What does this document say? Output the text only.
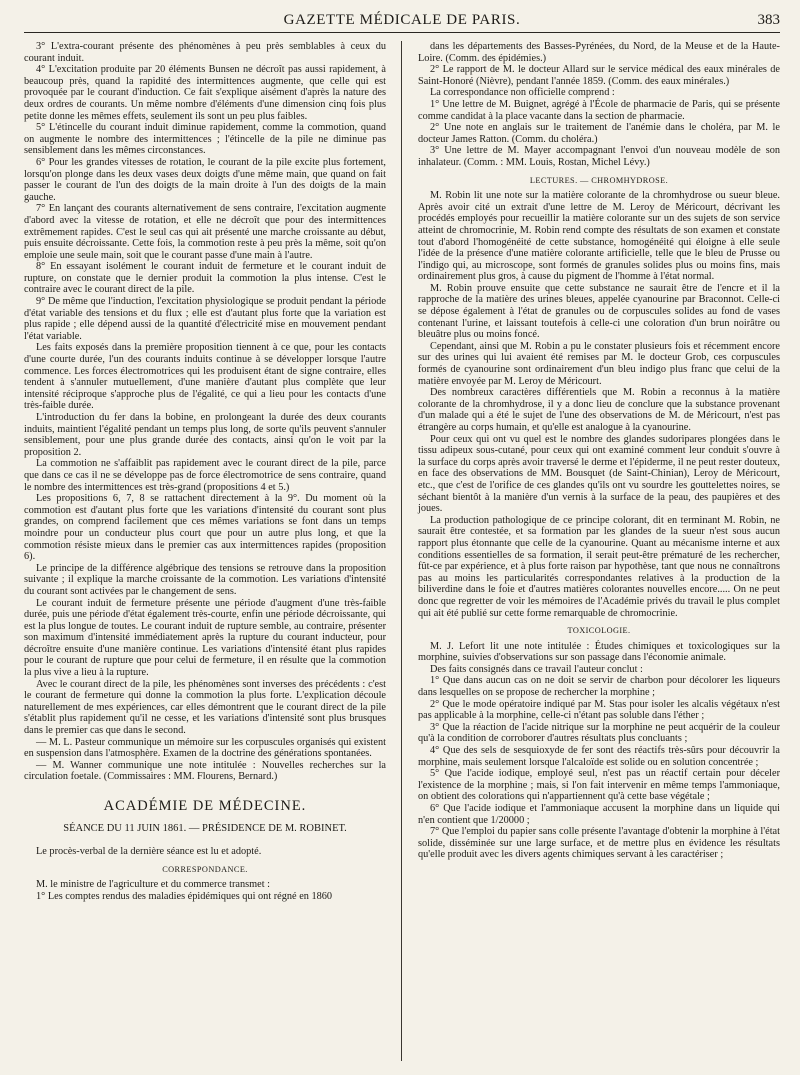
GAZETTE MÉDICALE DE PARIS.	383

3° L'extra-courant présente des phénomènes à peu près semblables à ceux du courant induit.

4° L'excitation produite par 20 éléments Bunsen ne décroît pas aussi rapidement, à beaucoup près, quand la rapidité des intermittences augmente, que celle qui est provoquée par le courant d'induction. Ce fait s'explique aisément d'après la nature des deux ordres de courants. Un même nombre d'éléments d'une dimension cinq fois plus petite donne les mêmes effets, seulement ils sont un peu plus faibles.

5° L'étincelle du courant induit diminue rapidement, comme la commotion, quand on augmente le nombre des intermittences ; l'étincelle de la pile ne diminue pas sensiblement dans les mêmes circonstances.

6° Pour les grandes vitesses de rotation, le courant de la pile excite plus fortement, lorsqu'on plonge dans les deux vases deux doigts d'une même main, que quand on fait passer le courant de l'un des doigts de la main droite à l'un des doigts de la main gauche.

7° En lançant des courants alternativement de sens contraire, l'excitation augmente d'abord avec la vitesse de rotation, et elle ne décroît que pour des intermittences extrêmement rapides. C'est le seul cas qui ait présenté une marche croissante au début, puis ensuite décroissante. Cette fois, la commotion reste à peu près la même, soit qu'on emploie une seule main, soit que le courant passe d'une main à l'autre.

8° En essayant isolément le courant induit de fermeture et le courant induit de rupture, on constate que le dernier produit la commotion la plus intense. C'est le contraire avec le courant direct de la pile.

9° De même que l'induction, l'excitation physiologique se produit pendant la période d'état variable des tensions et du flux ; elle est d'autant plus forte que la variation est plus rapide ; elle dépend aussi de la quantité d'électricité mise en mouvement pendant l'état variable.

Les faits exposés dans la première proposition tiennent à ce que, pour les contacts d'une courte durée, l'un des courants induits continue à se développer lorsque l'autre commence. Les forces électromotrices qui les produisent étant de signe contraire, elles tendent à s'annuler mutuellement, d'une manière d'autant plus complète que leur intensité réciproque s'approche plus de l'égalité, ce qui a lieu pour les contacts d'une très-faible durée.

L'introduction du fer dans la bobine, en prolongeant la durée des deux courants induits, maintient l'égalité pendant un temps plus long, de sorte qu'ils peuvent s'annuler sensiblement, pour une plus grande durée des contacts, ainsi qu'on le voit par la proposition 2.

La commotion ne s'affaiblit pas rapidement avec le courant direct de la pile, parce que dans ce cas il ne se développe pas de force électromotrice de sens contraire, quand le nombre des intermittences est très-grand (propositions 4 et 5.)

Les propositions 6, 7, 8 se rattachent directement à la 9°. Du moment où la commotion est d'autant plus forte que les variations d'intensité du courant sont plus grandes, on comprend facilement que ces mêmes variations se font dans un temps moindre pour un conducteur plus court que pour un autre plus long, et que la commotion résiste mieux dans le premier cas aux intermittences rapides (proposition 6).

Le principe de la différence algébrique des tensions se retrouve dans la proposition suivante ; il explique la marche croissante de la commotion. Les variations d'intensité du courant sont activées par le changement de sens.

Le courant induit de fermeture présente une période d'augment d'une très-faible durée, puis une période d'état également très-courte, enfin une période décroissante, qui est la plus longue de toutes. Le courant induit de rupture semble, au contraire, présenter son maximum d'intensité immédiatement après la rupture du courant inducteur, pour décroître ensuite d'une manière continue. Les variations d'intensité étant plus rapides pour le courant de rupture que pour celui de fermeture, il en résulte que la commotion la plus vive a lieu à la rupture.

Avec le courant direct de la pile, les phénomènes sont inverses des précédents : c'est le courant de fermeture qui donne la commotion la plus forte. L'explication découle naturellement de mes expériences, car elles démontrent que le courant direct de la pile s'établit plus rapidement qu'il ne cesse, et les variations d'intensité sont plus brusques dans le premier cas que dans le second.

— M. L. Pasteur communique un mémoire sur les corpuscules organisés qui existent en suspension dans l'atmosphère. Examen de la doctrine des générations spontanées.

— M. Wanner communique une note intitulée : Nouvelles recherches sur la circulation foetale. (Commissaires : MM. Flourens, Bernard.)

ACADÉMIE DE MÉDECINE.
SÉANCE DU 11 JUIN 1861. — PRÉSIDENCE DE M. ROBINET.

Le procès-verbal de la dernière séance est lu et adopté.

CORRESPONDANCE.

M. le ministre de l'agriculture et du commerce transmet :

1° Les comptes rendus des maladies épidémiques qui ont régné en 1860

dans les départements des Basses-Pyrénées, du Nord, de la Meuse et de la Haute-Loire. (Comm. des épidémies.)

2° Le rapport de M. le docteur Allard sur le service médical des eaux minérales de Saint-Honoré (Nièvre), pendant l'année 1859. (Comm. des eaux minérales.)

La correspondance non officielle comprend :

1° Une lettre de M. Buignet, agrégé à l'École de pharmacie de Paris, qui se présente comme candidat à la place vacante dans la section de pharmacie.

2° Une note en anglais sur le traitement de l'anémie dans le choléra, par M. le docteur James Ratton. (Comm. du choléra.)

3° Une lettre de M. Mayer accompagnant l'envoi d'un nouveau modèle de son inhalateur. (Comm. : MM. Louis, Rostan, Michel Lévy.)

LECTURES. — CHROMHYDROSE.

M. Robin lit une note sur la matière colorante de la chromhydrose ou sueur bleue. Après avoir cité un extrait d'une lettre de M. Leroy de Méricourt, décrivant les procédés employés pour recueillir la matière colorante sur un des sujets de son service atteint de chromocrinie, M. Robin rend compte des résultats de son examen et constate tout d'abord l'homogénéité de cette substance, homogénéité qui éloigne à elle seule l'idée de la présence d'une matière colorante artificielle, telle que le bleu de Prusse ou l'indigo qui, au microscope, sont formés de granules solides plus ou moins fins, mais ordinairement plus gros, à cause du pigment de l'homme à l'état normal.

M. Robin prouve ensuite que cette substance ne saurait être de l'encre et il la rapproche de la matière des urines bleues, appelée cyanourine par Braconnot. Celle-ci se dépose également à l'état de granules ou de corpuscules solides au fond de vases contenant l'urine, et laissant toutefois à celle-ci une coloration d'un brun noirâtre ou bleuâtre plus ou moins foncé.

Cependant, ainsi que M. Robin a pu le constater plusieurs fois et récemment encore sur des urines qui lui avaient été remises par M. le docteur Grob, ces corpuscules formés de cyanourine sont ordinairement d'un bleu indigo plus franc que celui de la matière envoyée par M. Leroy de Méricourt.

Des nombreux caractères différentiels que M. Robin a reconnus à la matière colorante de la chromhydrose, il y a donc lieu de conclure que la substance provenant d'un malade qui a été le sujet de l'une des observations de M. de Méricourt, n'est pas étrangère au corps humain, et qu'elle est analogue à la cyanourine.

Pour ceux qui ont vu quel est le nombre des glandes sudoripares plongées dans le tissu adipeux sous-cutané, pour ceux qui ont examiné comment leur conduit s'ouvre à la surface du corps après avoir traversé le derme et l'épiderme, il ne peut rester douteux, en face des observations de MM. Bousquet (de Saint-Chinian), Leroy de Méricourt, etc., que c'est de l'orifice de ces glandes qu'ils ont vu sourdre les gouttelettes noires, se séchant bientôt à la manière d'un vernis à la surface de la peau, des paupières et des joues.

La production pathologique de ce principe colorant, dit en terminant M. Robin, ne saurait être contestée, et sa formation par les glandes de la sueur n'est sous aucun rapport plus étonnante que celle de la cyanourine. Quant au mécanisme interne et aux conditions essentielles de sa formation, il serait peut-être prématuré de les rechercher, fût-ce par expérience, et à plus forte raison par hypothèse, tant que nous ne connaîtrons pas au moins les particularités correspondantes relatives à la production de la biliverdine dans le foie et d'autres matières colorantes nouvelles encore..... On ne peut donc que regretter de voir les mémoires de l'Académie privés du travail le plus complet qui ait été publié sur cette forme remarquable de chromocrinie.

TOXICOLOGIE.

M. J. Lefort lit une note intitulée : Études chimiques et toxicologiques sur la morphine, suivies d'observations sur son passage dans l'économie animale.

Des faits consignés dans ce travail l'auteur conclut :

1° Que dans aucun cas on ne doit se servir de charbon pour décolorer les liqueurs dans lesquelles on se propose de rechercher la morphine ;

2° Que le mode opératoire indiqué par M. Stas pour isoler les alcalis végétaux n'est pas applicable à la morphine, celle-ci n'étant pas soluble dans l'éther ;

3° Que la réaction de l'acide nitrique sur la morphine ne peut acquérir de la couleur qu'à la condition de corroborer d'autres résultats plus concluants ;

4° Que des sels de sesquioxyde de fer sont des réactifs très-sûrs pour découvrir la morphine, mais seulement lorsque l'alcaloïde est solide ou en solution concentrée ;

5° Que l'acide iodique, employé seul, n'est pas un réactif certain pour déceler l'existence de la morphine ; mais, si l'on fait intervenir en même temps l'ammoniaque, on obtient des colorations qui n'appartiennent qu'à cette base végétale ;

6° Que l'acide iodique et l'ammoniaque accusent la morphine dans un liquide qui n'en contient que 1/20000 ;

7° Que l'emploi du papier sans colle présente l'avantage d'obtenir la morphine à l'état solide, disséminée sur une large surface, et de mettre plus en évidence les résultats qu'elle produit avec les divers agents chimiques servant à les caractériser ;
